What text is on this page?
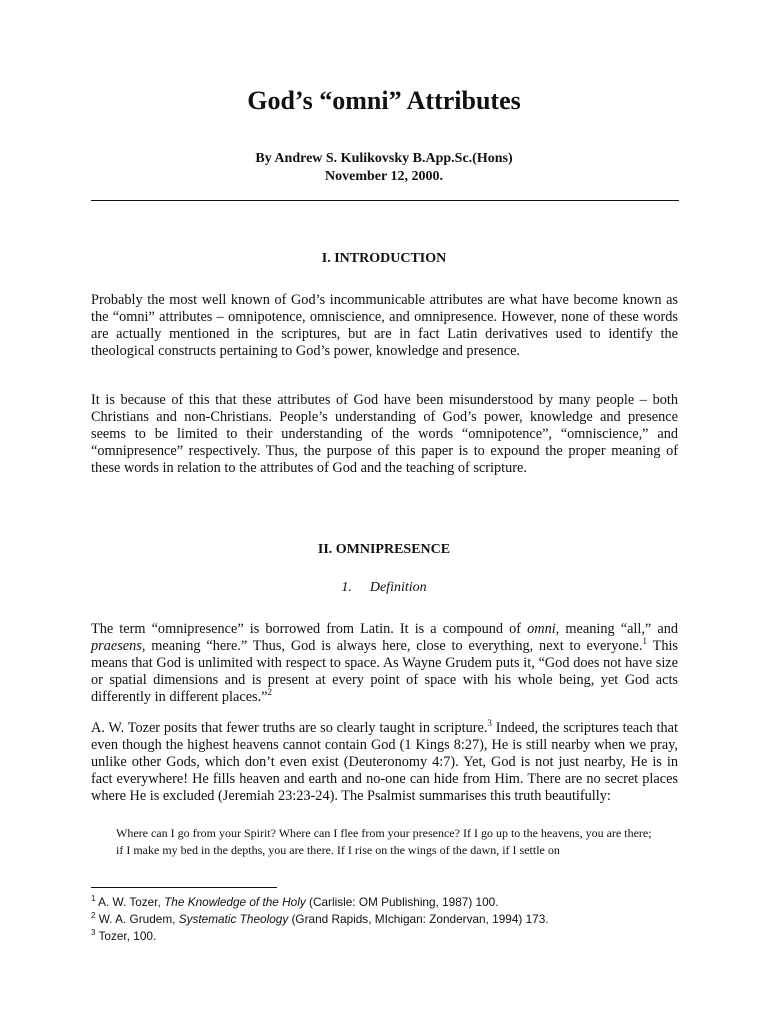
God’s “omni” Attributes
By Andrew S. Kulikovsky B.App.Sc.(Hons)
November 12, 2000.
I. INTRODUCTION
Probably the most well known of God’s incommunicable attributes are what have become known as the “omni” attributes – omnipotence, omniscience, and omnipresence. However, none of these words are actually mentioned in the scriptures, but are in fact Latin derivatives used to identify the theological constructs pertaining to God’s power, knowledge and presence.
It is because of this that these attributes of God have been misunderstood by many people – both Christians and non-Christians. People’s understanding of God’s power, knowledge and presence seems to be limited to their understanding of the words “omnipotence”, “omniscience,” and “omnipresence” respectively. Thus, the purpose of this paper is to expound the proper meaning of these words in relation to the attributes of God and the teaching of scripture.
II. OMNIPRESENCE
1. Definition
The term “omnipresence” is borrowed from Latin. It is a compound of omni, meaning “all,” and praesens, meaning “here.” Thus, God is always here, close to everything, next to everyone.$^1$ This means that God is unlimited with respect to space. As Wayne Grudem puts it, “God does not have size or spatial dimensions and is present at every point of space with his whole being, yet God acts differently in different places.”$^2$
A. W. Tozer posits that fewer truths are so clearly taught in scripture.$^3$ Indeed, the scriptures teach that even though the highest heavens cannot contain God (1 Kings 8:27), He is still nearby when we pray, unlike other Gods, which don’t even exist (Deuteronomy 4:7). Yet, God is not just nearby, He is in fact everywhere! He fills heaven and earth and no-one can hide from Him. There are no secret places where He is excluded (Jeremiah 23:23-24). The Psalmist summarises this truth beautifully:
Where can I go from your Spirit? Where can I flee from your presence? If I go up to the heavens, you are there; if I make my bed in the depths, you are there. If I rise on the wings of the dawn, if I settle on
$^1$ A. W. Tozer, The Knowledge of the Holy (Carlisle: OM Publishing, 1987) 100.
$^2$ W. A. Grudem, Systematic Theology (Grand Rapids, MIchigan: Zondervan, 1994) 173.
$^3$ Tozer, 100.
